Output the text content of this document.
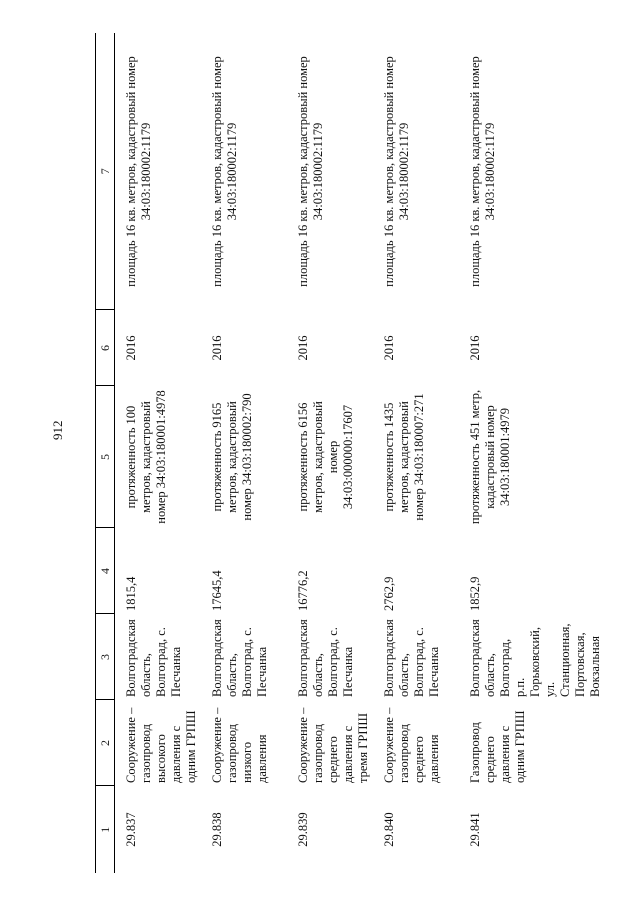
912
1	2	3	4	5	6	7
29.837	Сооружение – газопровод высокого давления с одним ГРПШ	Волгоградская область, Волгоград, с. Песчанка	1815,4	протяженность 100 метров, кадастровый номер 34:03:180001:4978	2016	площадь 16 кв. метров, кадастровый номер 34:03:180002:1179
29.838	Сооружение – газопровод низкого давления	Волгоградская область, Волгоград, с. Песчанка	17645,4	протяженность 9165 метров, кадастровый номер 34:03:180002:790	2016	площадь 16 кв. метров, кадастровый номер 34:03:180002:1179
29.839	Сооружение – газопровод среднего давления с тремя ГРПШ	Волгоградская область, Волгоград, с. Песчанка	16776,2	протяженность 6156 метров, кадастровый номер 34:03:000000:17607	2016	площадь 16 кв. метров, кадастровый номер 34:03:180002:1179
29.840	Сооружение – газопровод среднего давления	Волгоградская область, Волгоград, с. Песчанка	2762,9	протяженность 1435 метров, кадастровый номер 34:03:180007:271	2016	площадь 16 кв. метров, кадастровый номер 34:03:180002:1179
29.841	Газопровод среднего давления с одним ГРПШ	Волгоградская область, Волгоград, р.п. Горьковский, ул. Станционная, Портовская, Вокзальная	1852,9	протяженность 451 метр, кадастровый номер 34:03:180001:4979	2016	площадь 16 кв. метров, кадастровый номер 34:03:180002:1179
